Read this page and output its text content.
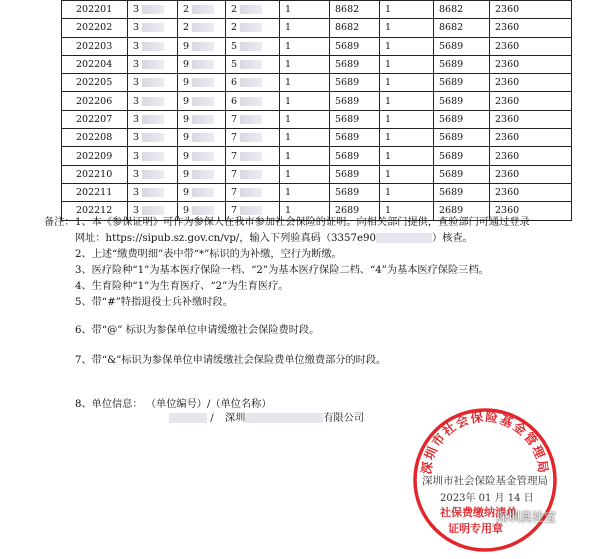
202201	3	2	2	1	8682	1	8682	2360
202202	3	2	2	1	8682	1	8682	2360
202203	3	9	5	1	5689	1	5689	2360
202204	3	9	5	1	5689	1	5689	2360
202205	3	9	6	1	5689	1	5689	2360
202206	3	9	6	1	5689	1	5689	2360
202207	3	9	7	1	5689	1	5689	2360
202208	3	9	7	1	5689	1	5689	2360
202209	3	9	7	1	5689	1	5689	2360
202210	3	9	7	1	5689	1	5689	2360
202211	3	9	7	1	5689	1	5689	2360
202212	3	9	7	1	2689	1	2689	2360
备注： 1、本《参保证明》可作为参保人在我市参加社会保险的证明。向相关部门提供，查验部门可通过登录
网址：https://sipub.sz.gov.cn/vp/，输入下列验真码（3357e90	）核查。
2、上述“缴费明细”表中带“*”标识的为补缴，空行为断缴。
3、医疗险种“1”为基本医疗保险一档、“2”为基本医疗保险二档、“4”为基本医疗保险三档。
4、生育险种“1”为生育医疗、“2”为生育医疗。
5、带“#”特指退役士兵补缴时段。
6、带“@” 标识为参保单位申请缓缴社会保险费时段。
7、带“&”标识为参保单位申请缓缴社会保险费单位缴费部分的时段。
8、单位信息： （单位编号）/（单位名称）
/ 深圳	有限公司
深圳市社会保险基金管理局
深圳市社会保险基金管理局
2023年 01 月 14 日
社保费缴纳清单
证明专用章
深圳真社宝
